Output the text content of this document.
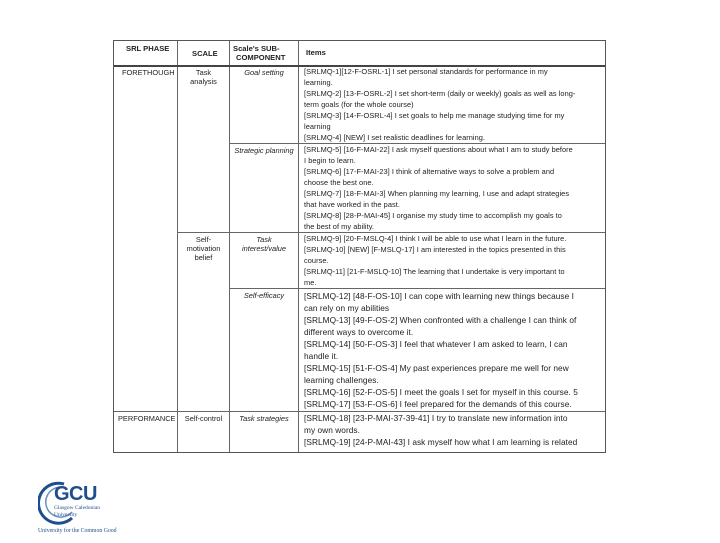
SRL PHASE
SCALE
Scale's SUB-
COMPONENT
Items
FORETHOUGH
PERFORMANCE
Task
analysis
Self-
motivation
belief
Self-control
Goal setting
Strategic planning
Task
interest/value
Self-efficacy
Task strategies
[SRLMQ-1][12-F-OSRL-1] I set personal standards for performance in my
learning.
[SRLMQ-2] [13-F-OSRL-2] I set short-term (daily or weekly) goals as well as long-
term goals (for the whole course)
[SRLMQ-3] [14-F-OSRL-4] I set goals to help me manage studying time for my
learning
[SRLMQ-4] [NEW] I set realistic deadlines for learning.
[SRLMQ-5] [16-F-MAI-22] I ask myself questions about what I am to study before
I begin to learn.
[SRLMQ-6] [17-F-MAI-23] I think of alternative ways to solve a problem and
choose the best one.
[SRLMQ-7] [18-F-MAI-3] When planning my learning, I use and adapt strategies
that have worked in the past.
[SRLMQ-8] [28-P-MAI-45] I organise my study time to accomplish my goals to
the best of my ability.
[SRLMQ-9] [20-F-MSLQ-4] I think I will be able to use what I learn in the future.
[SRLMQ-10] [NEW] [F-MSLQ-17] I am interested in the topics presented in this
course.
[SRLMQ-11] [21-F-MSLQ-10] The learning that I undertake is very important to
me.
[SRLMQ-12] [48-F-OS-10] I can cope with learning new things because I
can rely on my abilities
[SRLMQ-13] [49-F-OS-2] When confronted with a challenge I can think of
different ways to overcome it.
[SRLMQ-14] [50-F-OS-3] I feel that whatever I am asked to learn, I can
handle it.
[SRLMQ-15] [51-F-OS-4] My past experiences prepare me well for new
learning challenges.
[SRLMQ-16] [52-F-OS-5] I meet the goals I set for myself in this course. 5
[SRLMQ-17] [53-F-OS-6] I feel prepared for the demands of this course.
[SRLMQ-18] [23-P-MAI-37-39-41] I try to translate new information into
my own words.
[SRLMQ-19] [24-P-MAI-43] I ask myself how what I am learning is related
GCU
Glasgow Caledonian
University
University for the Common Good
